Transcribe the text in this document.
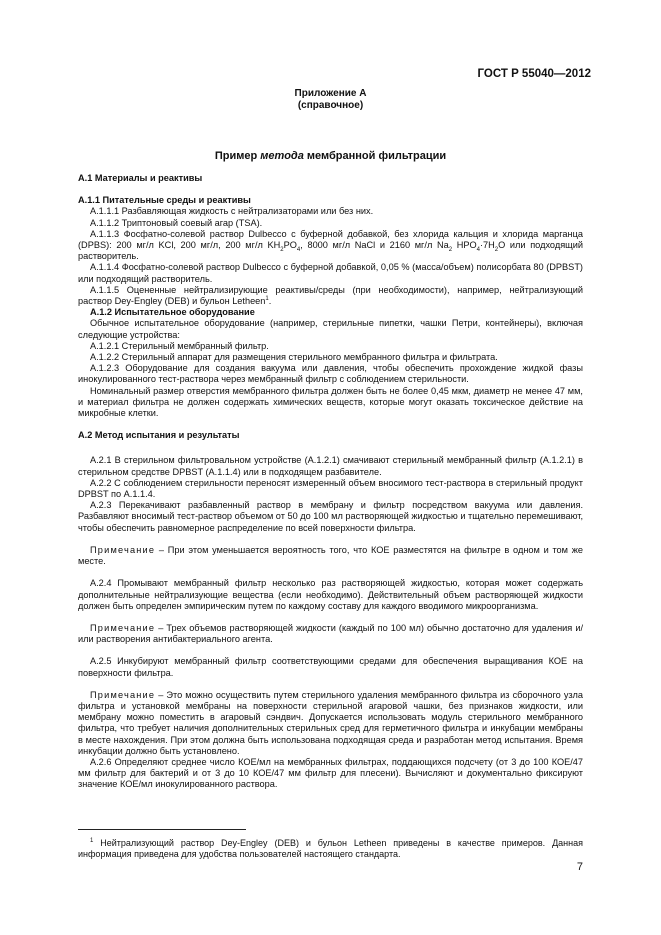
ГОСТ Р 55040—2012
Приложение А
(справочное)
Пример метода мембранной фильтрации

А.1 Материалы и реактивы

А.1.1 Питательные среды и реактивы

А.1.1.1 Разбавляющая жидкость с нейтрализаторами или без них.

А.1.1.2 Триптоновый соевый агар (TSA).

А.1.1.3 Фосфатно-солевой раствор Dulbecco с буферной добавкой, без хлорида кальция и хлорида марганца (DPBS): 200 мг/л KCl, 200 мг/л, 200 мг/л $KH_2PO_4$, 8000 мг/л NaCl и 2160 мг/л $Na_2$ $HPO_4\cdot 7H_2O$ или подходящий растворитель.

А.1.1.4 Фосфатно-солевой раствор Dulbecco с буферной добавкой, 0,05 % (масса/объем) полисорбата 80 (DPBST) или подходящий растворитель.

А.1.1.5 Оцененные нейтрализирующие реактивы/среды (при необходимости), например, нейтрализующий раствор Dey-Engley (DEB) и бульон Letheen$^1$.

А.1.2 Испытательное оборудование

Обычное испытательное оборудование (например, стерильные пипетки, чашки Петри, контейнеры), включая следующие устройства:

А.1.2.1 Стерильный мембранный фильтр.

А.1.2.2 Стерильный аппарат для размещения стерильного мембранного фильтра и фильтрата.

А.1.2.3 Оборудование для создания вакуума или давления, чтобы обеспечить прохождение жидкой фазы инокулированного тест-раствора через мембранный фильтр с соблюдением стерильности.

Номинальный размер отверстия мембранного фильтра должен быть не более 0,45 мкм, диаметр не менее 47 мм, и материал фильтра не должен содержать химических веществ, которые могут оказать токсическое действие на микробные клетки.

А.2 Метод испытания и результаты

А.2.1 В стерильном фильтровальном устройстве (А.1.2.1) смачивают стерильный мембранный фильтр (А.1.2.1) в стерильном средстве DPBST (А.1.1.4) или в подходящем разбавителе.

А.2.2 С соблюдением стерильности переносят измеренный объем вносимого тест-раствора в стерильный продукт DPBST по А.1.1.4.

А.2.3 Перекачивают разбавленный раствор в мембрану и фильтр посредством вакуума или давления. Разбавляют вносимый тест-раствор объемом от 50 до 100 мл растворяющей жидкостью и тщательно перемешивают, чтобы обеспечить равномерное распределение по всей поверхности фильтра.

Примечание – При этом уменьшается вероятность того, что КОЕ разместятся на фильтре в одном и том же месте.

А.2.4 Промывают мембранный фильтр несколько раз растворяющей жидкостью, которая может содержать дополнительные нейтрализующие вещества (если необходимо). Действительный объем растворяющей жидкости должен быть определен эмпирическим путем по каждому составу для каждого вводимого микроорганизма.

Примечание – Трех объемов растворяющей жидкости (каждый по 100 мл) обычно достаточно для удаления и/или растворения антибактериального агента.

А.2.5 Инкубируют мембранный фильтр соответствующими средами для обеспечения выращивания КОЕ на поверхности фильтра.

Примечание – Это можно осуществить путем стерильного удаления мембранного фильтра из сборочного узла фильтра и установкой мембраны на поверхности стерильной агаровой чашки, без признаков жидкости, или мембрану можно поместить в агаровый сэндвич. Допускается использовать модуль стерильного мембранного фильтра, что требует наличия дополнительных стерильных сред для герметичного фильтра и инкубации мембраны в месте нахождения. При этом должна быть использована подходящая среда и разработан метод испытания. Время инкубации должно быть установлено.

А.2.6 Определяют среднее число КОЕ/мл на мембранных фильтрах, поддающихся подсчету (от 3 до 100 КОЕ/47 мм фильтр для бактерий и от 3 до 10 КОЕ/47 мм фильтр для плесени). Вычисляют и документально фиксируют значение КОЕ/мл инокулированного раствора.

$^1$ Нейтрализующий раствор Dey-Engley (DEB) и бульон Letheen приведены в качестве примеров. Данная информация приведена для удобства пользователей настоящего стандарта.

7
